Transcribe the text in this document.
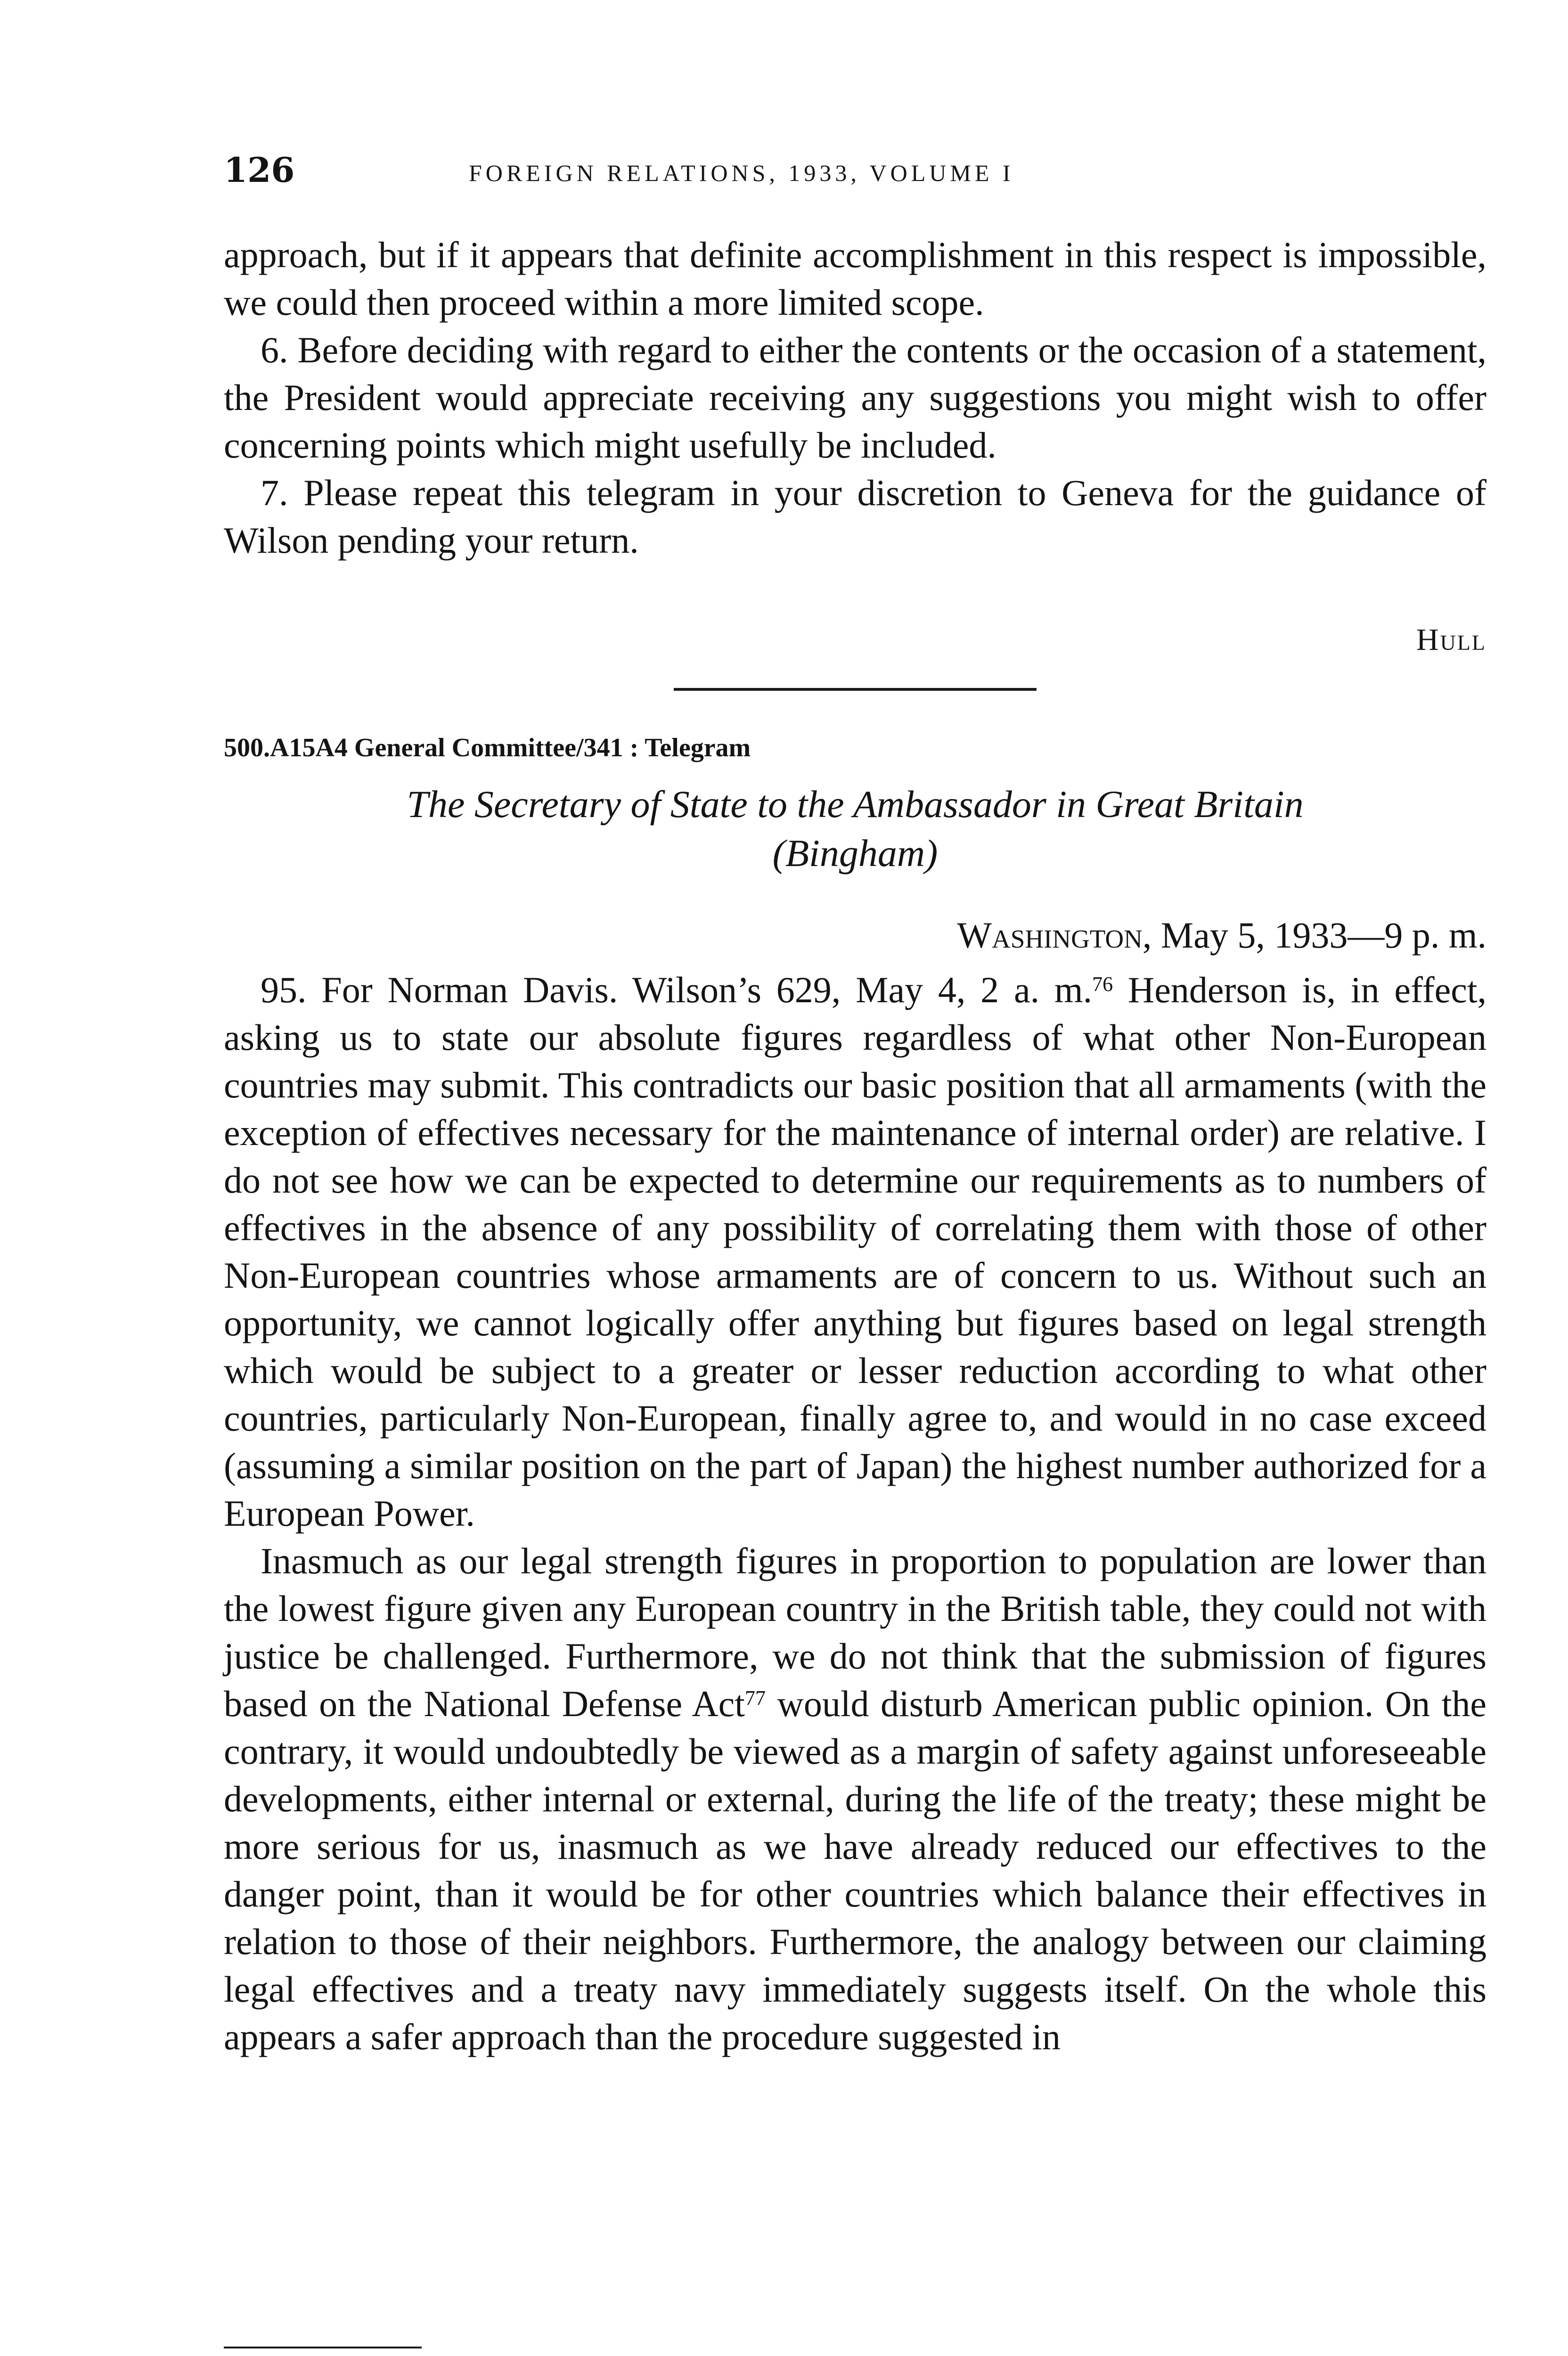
126	FOREIGN RELATIONS, 1933, VOLUME I

approach, but if it appears that definite accomplishment in this respect is impossible, we could then proceed within a more limited scope.

6. Before deciding with regard to either the contents or the occasion of a statement, the President would appreciate receiving any suggestions you might wish to offer concerning points which might usefully be included.

7. Please repeat this telegram in your discretion to Geneva for the guidance of Wilson pending your return.

Hull
500.A15A4 General Committee/341 : Telegram
The Secretary of State to the Ambassador in Great Britain
(Bingham)
Washington, May 5, 1933—9 p. m.

95. For Norman Davis. Wilson’s 629, May 4, 2 a. m.$^{76}$ Henderson is, in effect, asking us to state our absolute figures regardless of what other Non-European countries may submit. This contradicts our basic position that all armaments (with the exception of effectives necessary for the maintenance of internal order) are relative. I do not see how we can be expected to determine our requirements as to numbers of effectives in the absence of any possibility of correlating them with those of other Non-European countries whose armaments are of concern to us. Without such an opportunity, we cannot logically offer anything but figures based on legal strength which would be subject to a greater or lesser reduction according to what other countries, particularly Non-European, finally agree to, and would in no case exceed (assuming a similar position on the part of Japan) the highest number authorized for a European Power.

Inasmuch as our legal strength figures in proportion to population are lower than the lowest figure given any European country in the British table, they could not with justice be challenged. Furthermore, we do not think that the submission of figures based on the National Defense Act$^{77}$ would disturb American public opinion. On the contrary, it would undoubtedly be viewed as a margin of safety against unforeseeable developments, either internal or external, during the life of the treaty; these might be more serious for us, inasmuch as we have already reduced our effectives to the danger point, than it would be for other countries which balance their effectives in relation to those of their neighbors. Furthermore, the analogy between our claiming legal effectives and a treaty navy immediately suggests itself. On the whole this appears a safer approach than the procedure suggested in
